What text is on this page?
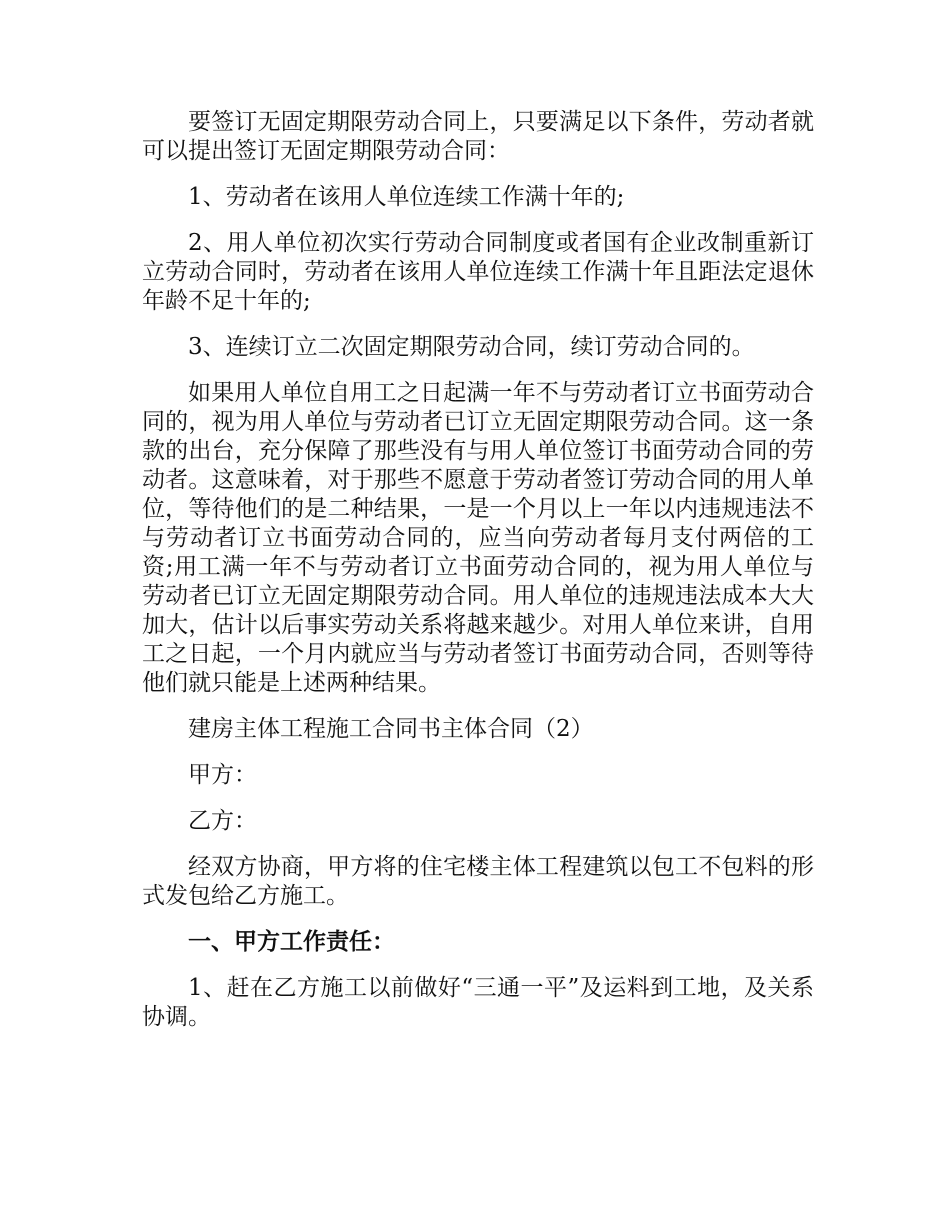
要签订无固定期限劳动合同上，只要满足以下条件，劳动者就可以提出签订无固定期限劳动合同：

1、劳动者在该用人单位连续工作满十年的;

2、用人单位初次实行劳动合同制度或者国有企业改制重新订立劳动合同时，劳动者在该用人单位连续工作满十年且距法定退休年龄不足十年的;

3、连续订立二次固定期限劳动合同，续订劳动合同的。

如果用人单位自用工之日起满一年不与劳动者订立书面劳动合同的，视为用人单位与劳动者已订立无固定期限劳动合同。这一条款的出台，充分保障了那些没有与用人单位签订书面劳动合同的劳动者。这意味着，对于那些不愿意于劳动者签订劳动合同的用人单位，等待他们的是二种结果，一是一个月以上一年以内违规违法不与劳动者订立书面劳动合同的，应当向劳动者每月支付两倍的工资;用工满一年不与劳动者订立书面劳动合同的，视为用人单位与劳动者已订立无固定期限劳动合同。用人单位的违规违法成本大大加大，估计以后事实劳动关系将越来越少。对用人单位来讲，自用工之日起，一个月内就应当与劳动者签订书面劳动合同，否则等待他们就只能是上述两种结果。

建房主体工程施工合同书主体合同（2）

甲方：

乙方：

经双方协商，甲方将的住宅楼主体工程建筑以包工不包料的形式发包给乙方施工。

一、甲方工作责任：

1、赶在乙方施工以前做好“三通一平”及运料到工地，及关系协调。
